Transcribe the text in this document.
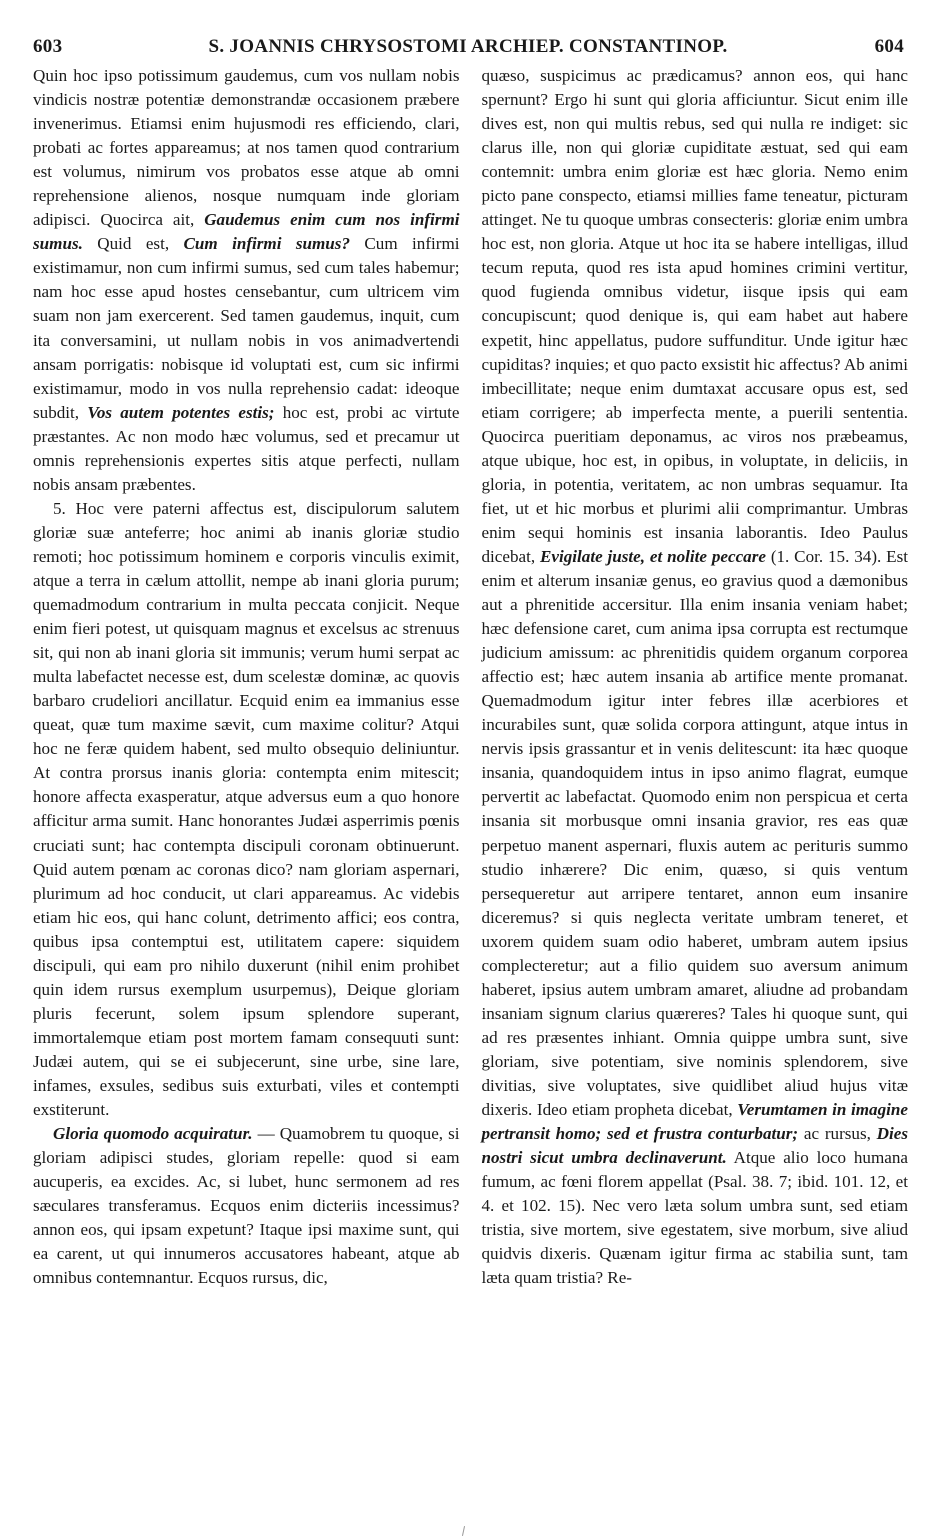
603	S. JOANNIS CHRYSOSTOMI ARCHIEP. CONSTANTINOP.	604

Quin hoc ipso potissimum gaudemus, cum vos nullam nobis vindicis nostræ potentiæ demonstrandæ occasionem præbere invenerimus. Etiamsi enim hujusmodi res efficiendo, clari, probati ac fortes appareamus; at nos tamen quod contrarium est volumus, nimirum vos probatos esse atque ab omni reprehensione alienos, nosque numquam inde gloriam adipisci. Quocirca ait, Gaudemus enim cum nos infirmi sumus. Quid est, Cum infirmi sumus? Cum infirmi existimamur, non cum infirmi sumus, sed cum tales habemur; nam hoc esse apud hostes censebantur, cum ultricem vim suam non jam exercerent. Sed tamen gaudemus, inquit, cum ita conversamini, ut nullam nobis in vos animadvertendi ansam porrigatis: nobisque id voluptati est, cum sic infirmi existimamur, modo in vos nulla reprehensio cadat: ideoque subdit, Vos autem potentes estis; hoc est, probi ac virtute præstantes. Ac non modo hæc volumus, sed et precamur ut omnis reprehensionis expertes sitis atque perfecti, nullam nobis ansam præbentes.

5. Hoc vere paterni affectus est, discipulorum salutem gloriæ suæ anteferre; hoc animi ab inanis gloriæ studio remoti; hoc potissimum hominem e corporis vinculis eximit, atque a terra in cælum attollit, nempe ab inani gloria purum; quemadmodum contrarium in multa peccata conjicit. Neque enim fieri potest, ut quisquam magnus et excelsus ac strenuus sit, qui non ab inani gloria sit immunis; verum humi serpat ac multa labefactet necesse est, dum scelestæ dominæ, ac quovis barbaro crudeliori ancillatur. Ecquid enim ea immanius esse queat, quæ tum maxime sævit, cum maxime colitur? Atqui hoc ne feræ quidem habent, sed multo obsequio deliniuntur. At contra prorsus inanis gloria: contempta enim mitescit; honore affecta exasperatur, atque adversus eum a quo honore afficitur arma sumit. Hanc honorantes Judæi asperrimis pœnis cruciati sunt; hac contempta discipuli coronam obtinuerunt. Quid autem pœnam ac coronas dico? nam gloriam aspernari, plurimum ad hoc conducit, ut clari appareamus. Ac videbis etiam hic eos, qui hanc colunt, detrimento affici; eos contra, quibus ipsa contemptui est, utilitatem capere: siquidem discipuli, qui eam pro nihilo duxerunt (nihil enim prohibet quin idem rursus exemplum usurpemus), Deique gloriam pluris fecerunt, solem ipsum splendore superant, immortalemque etiam post mortem famam consequuti sunt: Judæi autem, qui se ei subjecerunt, sine urbe, sine lare, infames, exsules, sedibus suis exturbati, viles et contempti exstiterunt.

Gloria quomodo acquiratur. — Quamobrem tu quoque, si gloriam adipisci studes, gloriam repelle: quod si eam aucuperis, ea excides. Ac, si lubet, hunc sermonem ad res sæculares transferamus. Ecquos enim dicteriis incessimus? annon eos, qui ipsam expetunt? Itaque ipsi maxime sunt, qui ea carent, ut qui innumeros accusatores habeant, atque ab omnibus contemnantur. Ecquos rursus, dic,

quæso, suspicimus ac prædicamus? annon eos, qui hanc spernunt? Ergo hi sunt qui gloria afficiuntur. Sicut enim ille dives est, non qui multis rebus, sed qui nulla re indiget: sic clarus ille, non qui gloriæ cupiditate æstuat, sed qui eam contemnit: umbra enim gloriæ est hæc gloria. Nemo enim picto pane conspecto, etiamsi millies fame teneatur, picturam attinget. Ne tu quoque umbras consecteris: gloriæ enim umbra hoc est, non gloria. Atque ut hoc ita se habere intelligas, illud tecum reputa, quod res ista apud homines crimini vertitur, quod fugienda omnibus videtur, iisque ipsis qui eam concupiscunt; quod denique is, qui eam habet aut habere expetit, hinc appellatus, pudore suffunditur. Unde igitur hæc cupiditas? inquies; et quo pacto exsistit hic affectus? Ab animi imbecillitate; neque enim dumtaxat accusare opus est, sed etiam corrigere; ab imperfecta mente, a puerili sententia. Quocirca pueritiam deponamus, ac viros nos præbeamus, atque ubique, hoc est, in opibus, in voluptate, in deliciis, in gloria, in potentia, veritatem, ac non umbras sequamur. Ita fiet, ut et hic morbus et plurimi alii comprimantur. Umbras enim sequi hominis est insania laborantis. Ideo Paulus dicebat, Evigilate juste, et nolite peccare (1. Cor. 15. 34). Est enim et alterum insaniæ genus, eo gravius quod a dæmonibus aut a phrenitide accersitur. Illa enim insania veniam habet; hæc defensione caret, cum anima ipsa corrupta est rectumque judicium amissum: ac phrenitidis quidem organum corporea affectio est; hæc autem insania ab artifice mente promanat. Quemadmodum igitur inter febres illæ acerbiores et incurabiles sunt, quæ solida corpora attingunt, atque intus in nervis ipsis grassantur et in venis delitescunt: ita hæc quoque insania, quandoquidem intus in ipso animo flagrat, eumque pervertit ac labefactat. Quomodo enim non perspicua et certa insania sit morbusque omni insania gravior, res eas quæ perpetuo manent aspernari, fluxis autem ac perituris summo studio inhærere? Dic enim, quæso, si quis ventum persequeretur aut arripere tentaret, annon eum insanire diceremus? si quis neglecta veritate umbram teneret, et uxorem quidem suam odio haberet, umbram autem ipsius complecteretur; aut a filio quidem suo aversum animum haberet, ipsius autem umbram amaret, aliudne ad probandam insaniam signum clarius quæreres? Tales hi quoque sunt, qui ad res præsentes inhiant. Omnia quippe umbra sunt, sive gloriam, sive potentiam, sive nominis splendorem, sive divitias, sive voluptates, sive quidlibet aliud hujus vitæ dixeris. Ideo etiam propheta dicebat, Verumtamen in imagine pertransit homo; sed et frustra conturbatur; ac rursus, Dies nostri sicut umbra declinaverunt. Atque alio loco humana fumum, ac fœni florem appellat (Psal. 38. 7; ibid. 101. 12, et 4. et 102. 15). Nec vero læta solum umbra sunt, sed etiam tristia, sive mortem, sive egestatem, sive morbum, sive aliud quidvis dixeris. Quænam igitur firma ac stabilia sunt, tam læta quam tristia? Re-
